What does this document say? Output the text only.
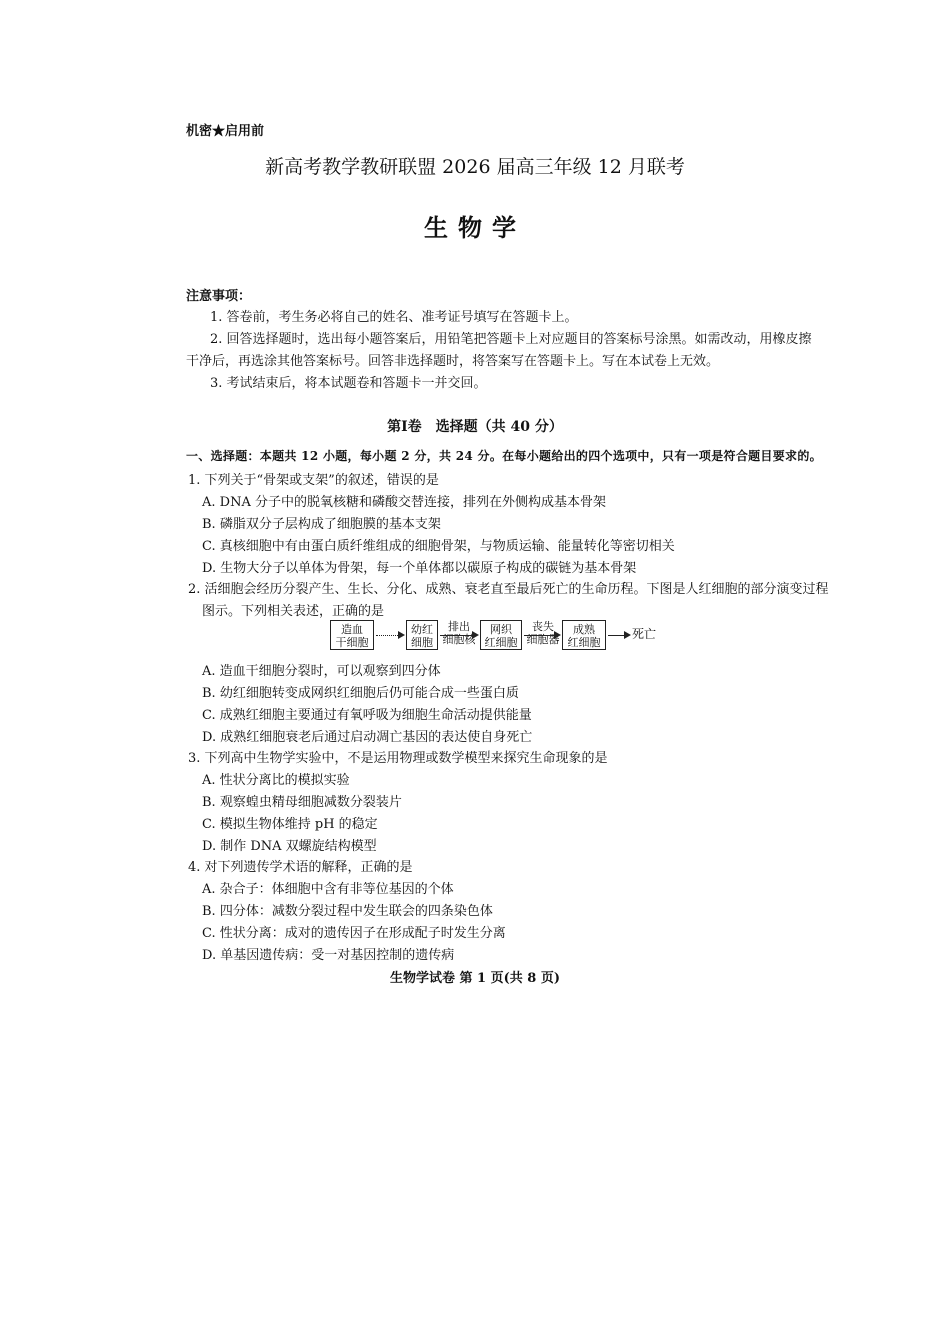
机密★启用前
新高考教学教研联盟 2026 届高三年级 12 月联考
生物学
注意事项：
1. 答卷前，考生务必将自己的姓名、准考证号填写在答题卡上。
2. 回答选择题时，选出每小题答案后，用铅笔把答题卡上对应题目的答案标号涂黑。如需改动，用橡皮擦
干净后，再选涂其他答案标号。回答非选择题时，将答案写在答题卡上。写在本试卷上无效。
3. 考试结束后，将本试题卷和答题卡一并交回。
第Ⅰ卷　选择题（共 40 分）
一、选择题：本题共 12 小题，每小题 2 分，共 24 分。在每小题给出的四个选项中，只有一项是符合题目要求的。
1. 下列关于“骨架或支架”的叙述，错误的是
A. DNA 分子中的脱氧核糖和磷酸交替连接，排列在外侧构成基本骨架
B. 磷脂双分子层构成了细胞膜的基本支架
C. 真核细胞中有由蛋白质纤维组成的细胞骨架，与物质运输、能量转化等密切相关
D. 生物大分子以单体为骨架，每一个单体都以碳原子构成的碳链为基本骨架
2. 活细胞会经历分裂产生、生长、分化、成熟、衰老直至最后死亡的生命历程。下图是人红细胞的部分演变过程
图示。下列相关表述，正确的是
造血
干细胞
幼红
细胞
排出
细胞核
网织
红细胞
丧失
细胞器
成熟
红细胞
死亡
A. 造血干细胞分裂时，可以观察到四分体
B. 幼红细胞转变成网织红细胞后仍可能合成一些蛋白质
C. 成熟红细胞主要通过有氧呼吸为细胞生命活动提供能量
D. 成熟红细胞衰老后通过启动凋亡基因的表达使自身死亡
3. 下列高中生物学实验中，不是运用物理或数学模型来探究生命现象的是
A. 性状分离比的模拟实验
B. 观察蝗虫精母细胞减数分裂装片
C. 模拟生物体维持 pH 的稳定
D. 制作 DNA 双螺旋结构模型
4. 对下列遗传学术语的解释，正确的是
A. 杂合子：体细胞中含有非等位基因的个体
B. 四分体：减数分裂过程中发生联会的四条染色体
C. 性状分离：成对的遗传因子在形成配子时发生分离
D. 单基因遗传病：受一对基因控制的遗传病
生物学试卷 第 1 页(共 8 页)
